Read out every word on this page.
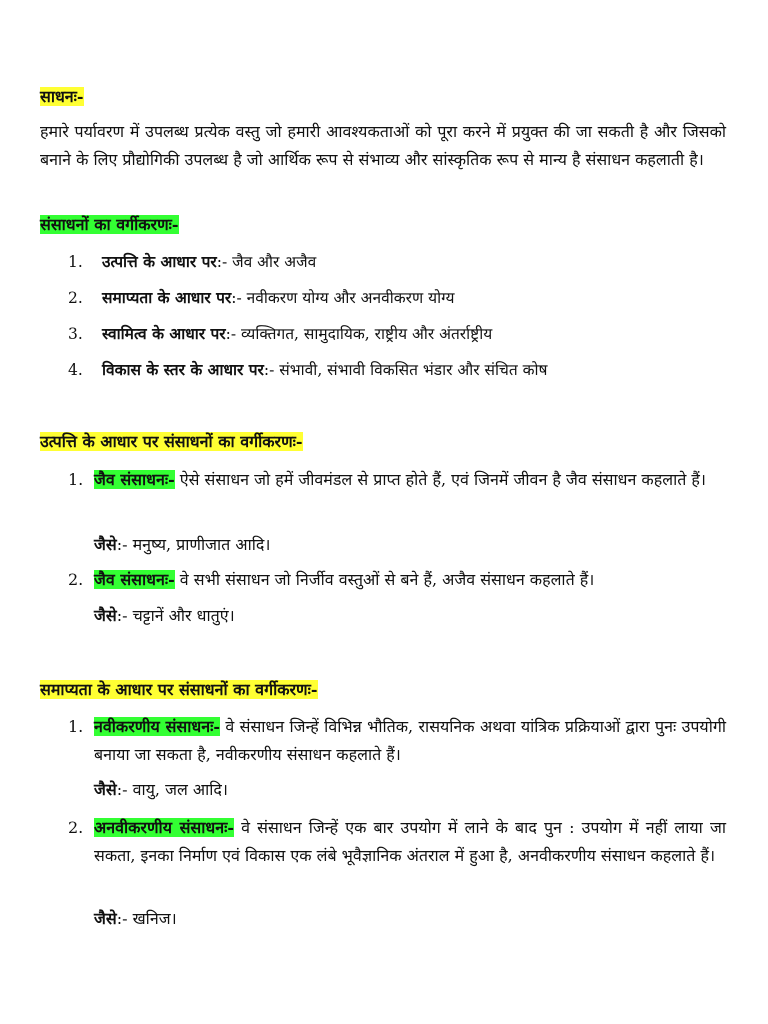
साधनः-
हमारे पर्यावरण में उपलब्ध प्रत्येक वस्तु जो हमारी आवश्यकताओं को पूरा करने में प्रयुक्त की जा सकती है और जिसको बनाने के लिए प्रौद्योगिकी उपलब्ध है जो आर्थिक रूप से संभाव्य और सांस्कृतिक रूप से मान्य है संसाधन कहलाती है।
संसाधनों का वर्गीकरणः-
1.	उत्पत्ति के आधार पर:- जैव और अजैव
2.	समाप्यता के आधार पर:- नवीकरण योग्य और अनवीकरण योग्य
3.	स्वामित्व के आधार पर:- व्यक्तिगत, सामुदायिक, राष्ट्रीय और अंतर्राष्ट्रीय
4.	विकास के स्तर के आधार पर:- संभावी, संभावी विकसित भंडार और संचित कोष
उत्पत्ति के आधार पर संसाधनों का वर्गीकरणः-
1. जैव संसाधनः- ऐसे संसाधन जो हमें जीवमंडल से प्राप्त होते हैं, एवं जिनमें जीवन है जैव संसाधन कहलाते हैं।
जैसे:- मनुष्य, प्राणीजात आदि।
2. जैव संसाधनः- वे सभी संसाधन जो निर्जीव वस्तुओं से बने हैं, अजैव संसाधन कहलाते हैं।
जैसे:- चट्टानें और धातुएं।
समाप्यता के आधार पर संसाधनों का वर्गीकरणः-
1. नवीकरणीय संसाधनः- वे संसाधन जिन्हें विभिन्न भौतिक, रासयनिक अथवा यांत्रिक प्रक्रियाओं द्वारा पुनः उपयोगी बनाया जा सकता है, नवीकरणीय संसाधन कहलाते हैं।
जैसे:- वायु, जल आदि।
2. अनवीकरणीय संसाधनः- वे संसाधन जिन्हें एक बार उपयोग में लाने के बाद पुन : उपयोग में नहीं लाया जा सकता, इनका निर्माण एवं विकास एक लंबे भूवैज्ञानिक अंतराल में हुआ है, अनवीकरणीय संसाधन कहलाते हैं।
जैसे:- खनिज।
